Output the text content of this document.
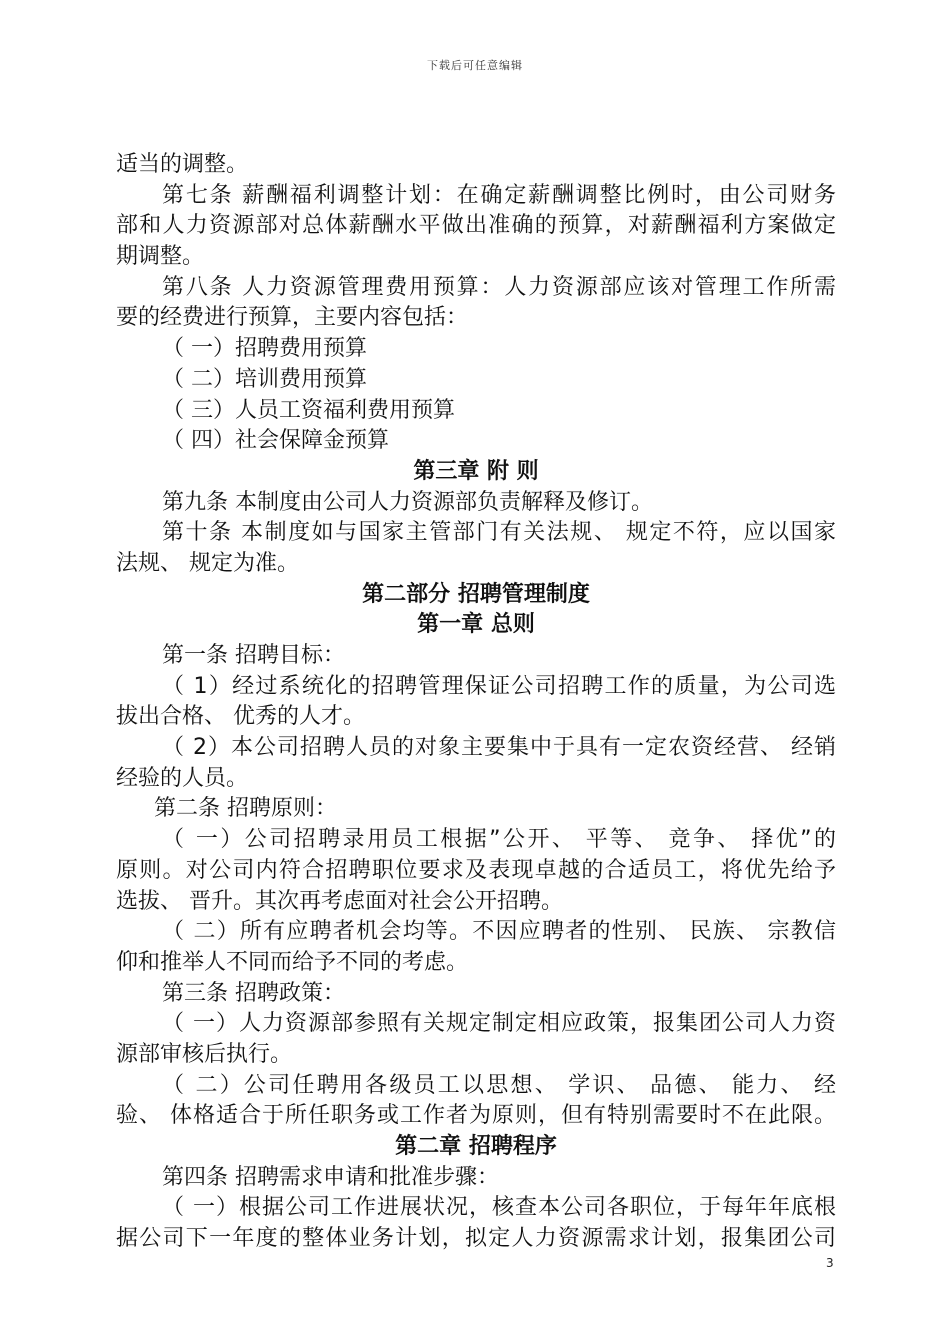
下载后可任意编辑
适当的调整。
第七条 薪酬福利调整计划：在确定薪酬调整比例时，由公司财务
部和人力资源部对总体薪酬水平做出准确的预算，对薪酬福利方案做定
期调整。
第八条 人力资源管理费用预算：人力资源部应该对管理工作所需
要的经费进行预算，主要内容包括：
（ 一）招聘费用预算
（ 二）培训费用预算
（ 三）人员工资福利费用预算
（ 四）社会保障金预算
第三章 附 则
第九条 本制度由公司人力资源部负责解释及修订。
第十条 本制度如与国家主管部门有关法规、 规定不符，应以国家
法规、 规定为准。
第二部分 招聘管理制度
第一章 总则
第一条 招聘目标：
（ 1）经过系统化的招聘管理保证公司招聘工作的质量，为公司选
拔出合格、 优秀的人才。
（ 2）本公司招聘人员的对象主要集中于具有一定农资经营、 经销
经验的人员。
第二条 招聘原则：
（ 一）公司招聘录用员工根据”公开、 平等、 竞争、 择优”的
原则。对公司内符合招聘职位要求及表现卓越的合适员工，将优先给予
选拔、 晋升。其次再考虑面对社会公开招聘。
（ 二）所有应聘者机会均等。不因应聘者的性别、 民族、 宗教信
仰和推举人不同而给予不同的考虑。
第三条 招聘政策：
（ 一）人力资源部参照有关规定制定相应政策，报集团公司人力资
源部审核后执行。
（ 二）公司任聘用各级员工以思想、 学识、 品德、 能力、 经
验、 体格适合于所任职务或工作者为原则，但有特别需要时不在此限。
第二章 招聘程序
第四条 招聘需求申请和批准步骤：
（ 一）根据公司工作进展状况，核查本公司各职位，于每年年底根
据公司下一年度的整体业务计划，拟定人力资源需求计划，报集团公司
3
